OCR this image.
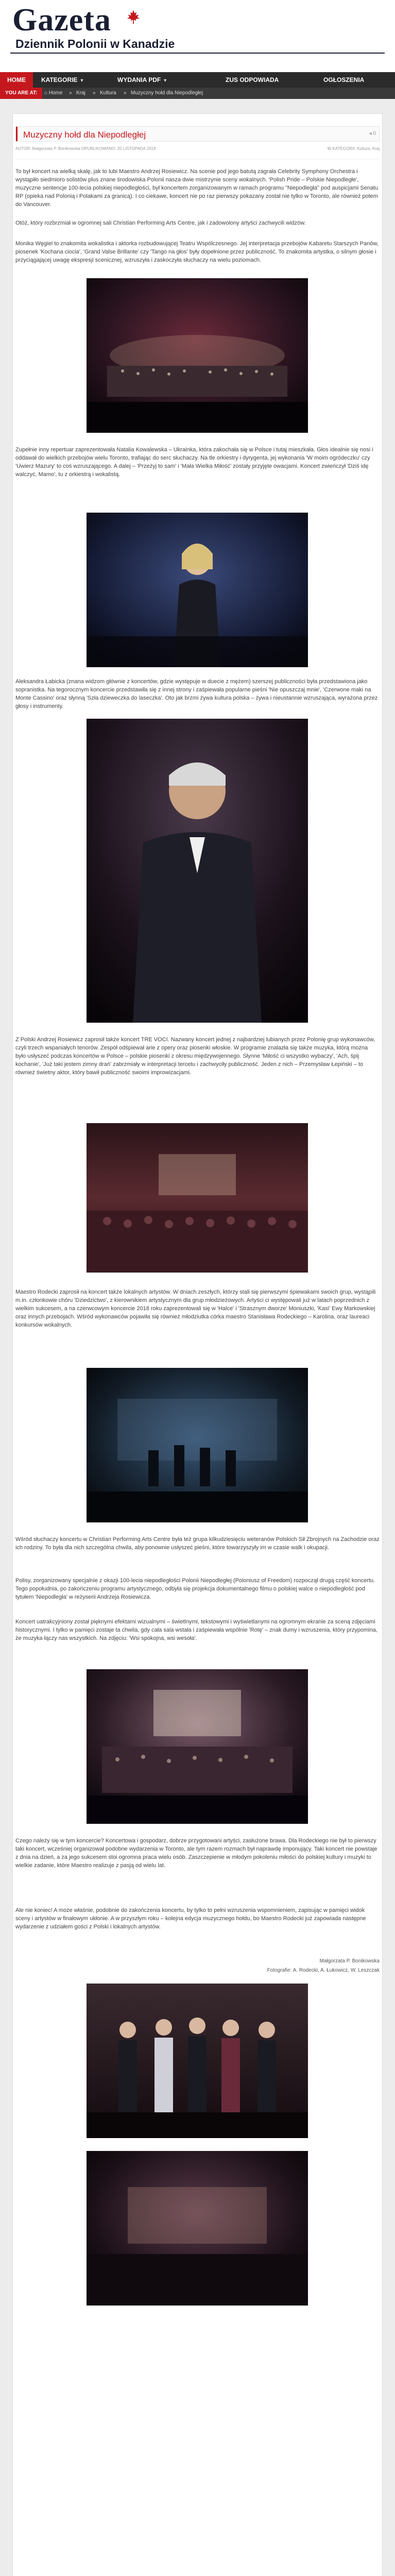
Gazeta
Dziennik Polonii w Kanadzie
HOME	KATEGORIE ▼	WYDANIA PDF ▼	ZUS ODPOWIADA	OGŁOSZENIA
YOU ARE AT:	⌂ Home » Kraj » Kultura » Muzyczny hołd dla Niepodległej
Muzyczny hołd dla Niepodległej	◂ 0
AUTOR: Małgorzata P. Bonikowska OPUBLIKOWANO: 20 LISTOPADA 2018	W KATEGORII: Kultura, Kraj

To był koncert na wielką skalę, jak to lubi Maestro Andrzej Rosiewicz. Na scenie pod jego batutą zagrała Celebrity Symphony Orchestra i wystąpiło siedmioro solistów plus znane środowiska Polonii nasza dwie mistrzynie sceny wokalnych. 'Polish Pride – Polskie Niepodległe', muzyczne sentencje 100-lecia polskiej niepodległości, był koncertem zorganizowanym w ramach programu "Niepodległa" pod auspicjami Senatu RP (opieka nad Polonią i Polakami za granicą). I co ciekawe, koncert nie po raz pierwszy pokazany został nie tylko w Toronto, ale również potem do Vancouver.

Otóż, który rozbrzmiał w ogromnej sali Christian Performing Arts Centre, jak i zadowolony artyści zachwycili widzów.

Monika Węgiel to znakomita wokalistka i aktorka rozbudowującej Teatru Wspólczesnego. Jej interpretacja przebojów Kabaretu Starszych Panów, piosenek 'Kochana ciocia', 'Grand Valse Brillante' czy 'Tango na głos' były dopełnione przez publiczność. To znakomita artystka, o silnym głosie i przyciągającej uwagę ekspresji scenicznej, wzruszyła i zaskoczyła słuchaczy na wielu poziomach.

Zupełnie inny repertuar zaprezentowała Natalia Kowalewska – Ukrainka, która zakochała się w Polsce i tutaj mieszkała. Głos idealnie się nosi i oddawał do wielkich przebojów wielu Toronto, trafiając do serc słuchaczy. Na tle orkiestry i dyrygenta, jej wykonania 'W moim ogródeczku' czy 'Uwierz Mazury' to coś wzruszającego. A dalej – 'Przeżyj to sam' i 'Mała Wielka Miłość' zostały przyjęte owacjami. Koncert zwieńczył 'Dziś idę walczyć, Mamo', tu z orkiestrą i wokalistą.

Aleksandra Łabicka (znana widzom głównie z koncertów, gdzie występuje w duecie z mężem) szerszej publiczności była przedstawiona jako sopranistka. Na tegorocznym koncercie przedstawiła się z innej strony i zaśpiewała popularne pieśni 'Nie opuszczaj mnie', 'Czerwone maki na Monte Cassino' oraz słynną 'Szła dzieweczka do laseczka'. Oto jak brzmi żywa kultura polska – żywa i nieustannie wzruszająca, wyrażona przez głosy i instrumenty.

Z Polski Andrzej Rosiewicz zaprosił także koncert TRE VOCI. Nazwany koncert jednej z najbardziej lubianych przez Polonię grup wykonawców, czyli trzech wspaniałych tenorów. Zespół odśpiewał arie z opery oraz piosenki włoskie. W programie znalazła się także muzyka, którą można było usłyszeć podczas koncertów w Polsce – polskie piosenki z okresu międzywojennego. Słynne 'Miłość ci wszystko wybaczy', 'Ach, śpij kochanie', 'Już taki jestem zimny drań' zabrzmiały w interpretacji tercetu i zachwyciły publiczność. Jeden z nich – Przemysław Łepiński – to również świetny aktor, który bawił publiczność swoimi improwizacjami.

Maestro Rodecki zaprosił na koncert także lokalnych artystów. W dniach zeszłych, którzy stali się pierwszymi śpiewakami swoich grup, wystąpili m.in. członkowie chóru 'Dziedzictwo', z kierownikiem artystycznym dla grup młodzieżowych. Artyści ci występowali już w latach poprzednich z wielkim sukcesem, a na czerwcowym koncercie 2018 roku zaprezentowali się w 'Halce' i 'Strasznym dworze' Moniuszki, 'Kasi' Ewy Markowskiej oraz innych przebojach. Wśród wykonawców pojawiła się również młodziutka córka maestro Stanisława Rodeckiego – Karolina, oraz laureaci konkursów wokalnych.

Wśród słuchaczy koncertu w Christian Performing Arts Centre była też grupa kilkudziesięciu weteranów Polskich Sił Zbrojnych na Zachodzie oraz ich rodziny. To była dla nich szczególna chwila, aby ponownie usłyszeć pieśni, które towarzyszyły im w czasie walk i okupacji.

Polisy, zorganizowany specjalnie z okazji 100-lecia niepodległości Polonii Niepodległej (Poloniusz of Freedom) rozpoczął drugą część koncertu. Tego popołudnia, po zakończeniu programu artystycznego, odbyła się projekcja dokumentalnego filmu o polskiej walce o niepodległość pod tytułem 'Niepodległa' w reżyserii Andrzeja Rosiewicza.

Koncert uatrakcyjniony został pięknymi efektami wizualnymi – świetlnymi, tekstowymi i wyświetlanymi na ogromnym ekranie za sceną zdjęciami historycznymi. I tylko w pamięci zostaje ta chwila, gdy cała sala wstała i zaśpiewała wspólnie 'Rotę' – znak dumy i wzruszenia, który przypomina, że muzyka łączy nas wszystkich. Na zdjęciu: 'Wsi spokojna, wsi wesoła'.

Czego należy się w tym koncercie? Koncertowa i gospodarz, dobrze przygotowani artyści, zasłużone brawa. Dla Rodeckiego nie był to pierwszy taki koncert, wcześniej organizował podobne wydarzenia w Toronto, ale tym razem rozmach był naprawdę imponujący. Taki koncert nie powstaje z dnia na dzień, a za jego sukcesem stoi ogromna praca wielu osób. Zaszczepienie w młodym pokoleniu miłości do polskiej kultury i muzyki to wielkie zadanie, które Maestro realizuje z pasją od wielu lat.

Ale nie koniec! A może właśnie, podobnie do zakończenia koncertu, by tylko to pełni wzruszenia wspomnieniem, zapisując w pamięci widok sceny i artystów w finałowym ukłonie. A w przyszłym roku – kolejna edycja muzycznego hołdu, bo Maestro Rodecki już zapowiada następne wydarzenie z udziałem gości z Polski i lokalnych artystów.

Małgorzata P. Bonikowska
Fotografie: A. Rodecki, A. Łukowicz, W. Leszczak
